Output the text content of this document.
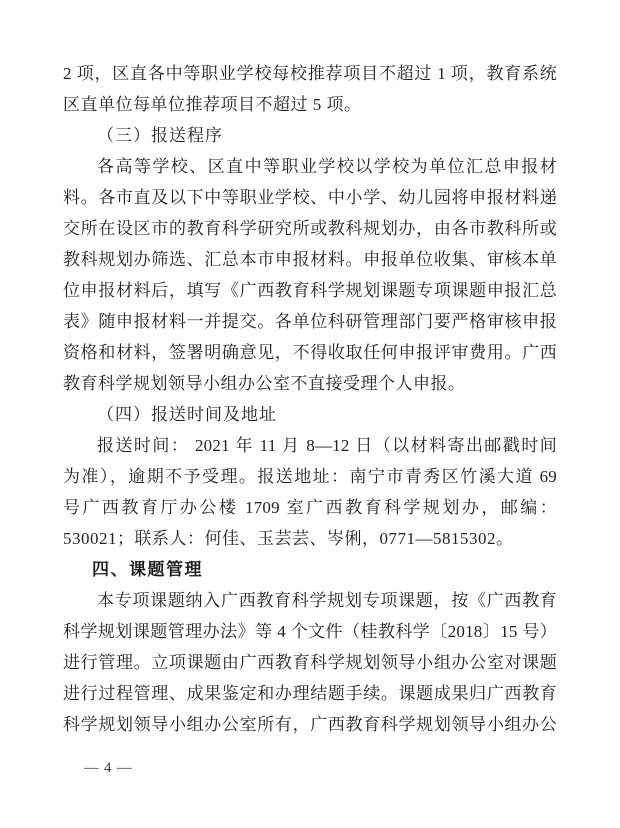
2 项，区直各中等职业学校每校推荐项目不超过 1 项，教育系统
区直单位每单位推荐项目不超过 5 项。
（三）报送程序
各高等学校、区直中等职业学校以学校为单位汇总申报材
料。各市直及以下中等职业学校、中小学、幼儿园将申报材料递
交所在设区市的教育科学研究所或教科规划办，由各市教科所或
教科规划办筛选、汇总本市申报材料。申报单位收集、审核本单
位申报材料后，填写《广西教育科学规划课题专项课题申报汇总
表》随申报材料一并提交。各单位科研管理部门要严格审核申报
资格和材料，签署明确意见，不得收取任何申报评审费用。广西
教育科学规划领导小组办公室不直接受理个人申报。
（四）报送时间及地址
报送时间： 2021 年 11 月 8—12 日（以材料寄出邮戳时间
为准），逾期不予受理。报送地址：南宁市青秀区竹溪大道 69
号广西教育厅办公楼 1709 室广西教育科学规划办，邮编：
530021；联系人：何佳、玉芸芸、岑俐，0771—5815302。
四、课题管理
本专项课题纳入广西教育科学规划专项课题，按《广西教育
科学规划课题管理办法》等 4 个文件（桂教科学〔2018〕15 号）
进行管理。立项课题由广西教育科学规划领导小组办公室对课题
进行过程管理、成果鉴定和办理结题手续。课题成果归广西教育
科学规划领导小组办公室所有，广西教育科学规划领导小组办公
— 4 —
